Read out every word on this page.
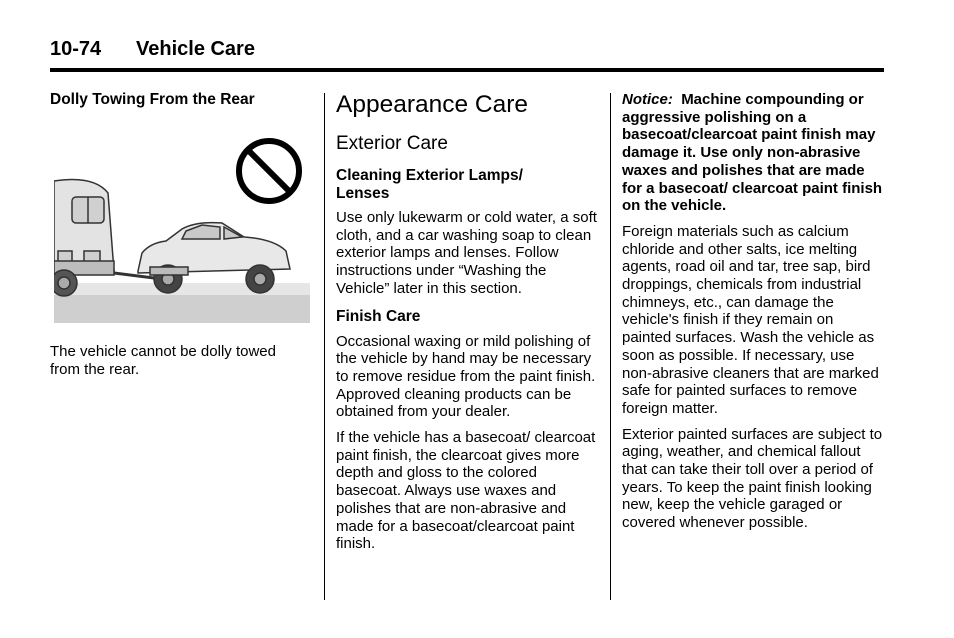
10-74 Vehicle Care
Dolly Towing From the Rear

The vehicle cannot be dolly towed from the rear.

Appearance Care
Exterior Care
Cleaning Exterior Lamps/ Lenses

Use only lukewarm or cold water, a soft cloth, and a car washing soap to clean exterior lamps and lenses. Follow instructions under “Washing the Vehicle” later in this section.

Finish Care

Occasional waxing or mild polishing of the vehicle by hand may be necessary to remove residue from the paint finish. Approved cleaning products can be obtained from your dealer.

If the vehicle has a basecoat/ clearcoat paint finish, the clearcoat gives more depth and gloss to the colored basecoat. Always use waxes and polishes that are non-abrasive and made for a basecoat/clearcoat paint finish.

Notice: Machine compounding or aggressive polishing on a basecoat/clearcoat paint finish may damage it. Use only non-abrasive waxes and polishes that are made for a basecoat/ clearcoat paint finish on the vehicle.

Foreign materials such as calcium chloride and other salts, ice melting agents, road oil and tar, tree sap, bird droppings, chemicals from industrial chimneys, etc., can damage the vehicle's finish if they remain on painted surfaces. Wash the vehicle as soon as possible. If necessary, use non-abrasive cleaners that are marked safe for painted surfaces to remove foreign matter.

Exterior painted surfaces are subject to aging, weather, and chemical fallout that can take their toll over a period of years. To keep the paint finish looking new, keep the vehicle garaged or covered whenever possible.
